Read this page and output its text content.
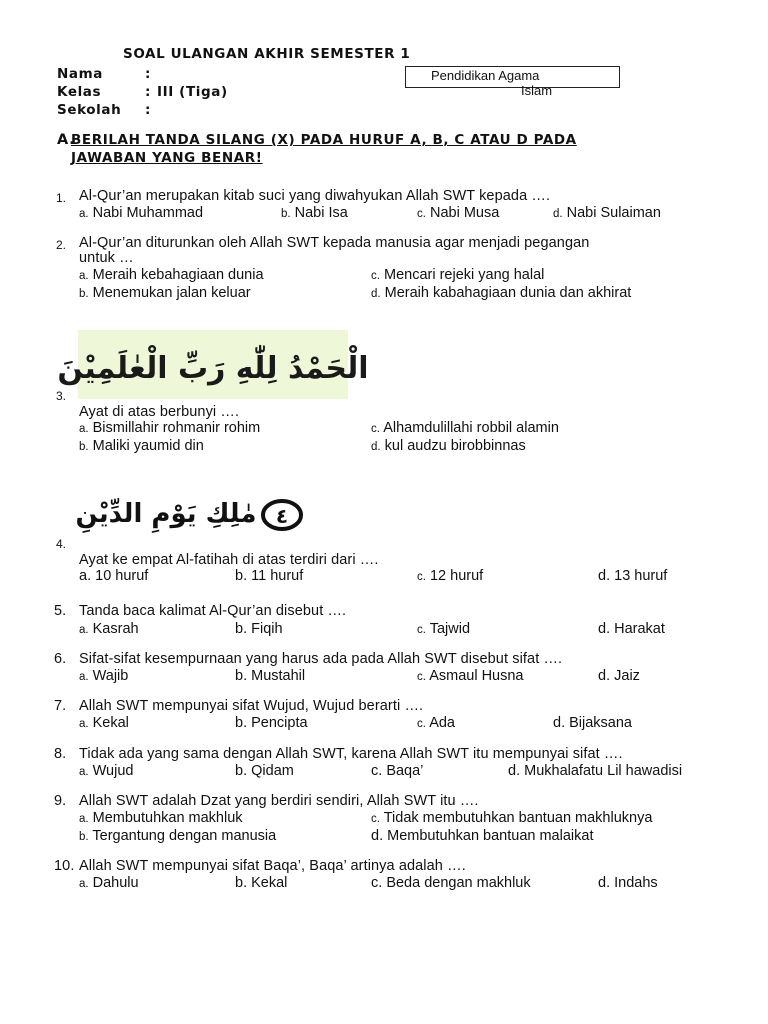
SOAL ULANGAN AKHIR SEMESTER 1
Nama	:
Kelas	: III (Tiga)
Sekolah :
Pendidikan Agama
Islam
A.
BERILAH TANDA SILANG (X) PADA HURUF A, B, C ATAU D PADA
JAWABAN YANG BENAR!
1. Al-Qur’an merupakan kitab suci yang diwahyukan Allah SWT kepada ….
a. Nabi Muhammad	b. Nabi Isa	c. Nabi Musa	d. Nabi Sulaiman
2. Al-Qur’an diturunkan oleh Allah SWT kepada manusia agar menjadi pegangan
untuk …
a. Meraih kebahagiaan dunia	c. Mencari rejeki yang halal
b. Menemukan jalan keluar	d. Meraih kabahagiaan dunia dan akhirat
الْحَمْدُ لِلّٰهِ رَبِّ الْعٰلَمِيْنَ
3.
Ayat di atas berbunyi ….
a. Bismillahir rohmanir rohim	c. Alhamdulillahi robbil alamin
b. Maliki yaumid din	d. kul audzu birobbinnas
مٰلِكِ يَوْمِ الدِّيْنِ ٤
4.
Ayat ke empat Al-fatihah di atas terdiri dari ….
a. 10 huruf	b. 11 huruf	c. 12 huruf	d. 13 huruf
5. Tanda baca kalimat Al-Qur’an disebut ….
a. Kasrah	b. Fiqih	c. Tajwid	d. Harakat
6. Sifat-sifat kesempurnaan yang harus ada pada Allah SWT disebut sifat ….
a. Wajib	b. Mustahil	c. Asmaul Husna	d. Jaiz
7. Allah SWT mempunyai sifat Wujud, Wujud berarti ….
a. Kekal	b. Pencipta	c. Ada	d. Bijaksana
8. Tidak ada yang sama dengan Allah SWT, karena Allah SWT itu mempunyai sifat ….
a. Wujud	b. Qidam	c. Baqa’	d. Mukhalafatu Lil hawadisi
9. Allah SWT adalah Dzat yang berdiri sendiri, Allah SWT itu ….
a. Membutuhkan makhluk	c. Tidak membutuhkan bantuan makhluknya
b. Tergantung dengan manusia	d. Membutuhkan bantuan malaikat
10. Allah SWT mempunyai sifat Baqa’, Baqa’ artinya adalah ….
a. Dahulu	b. Kekal	c. Beda dengan makhluk	d. Indahs
